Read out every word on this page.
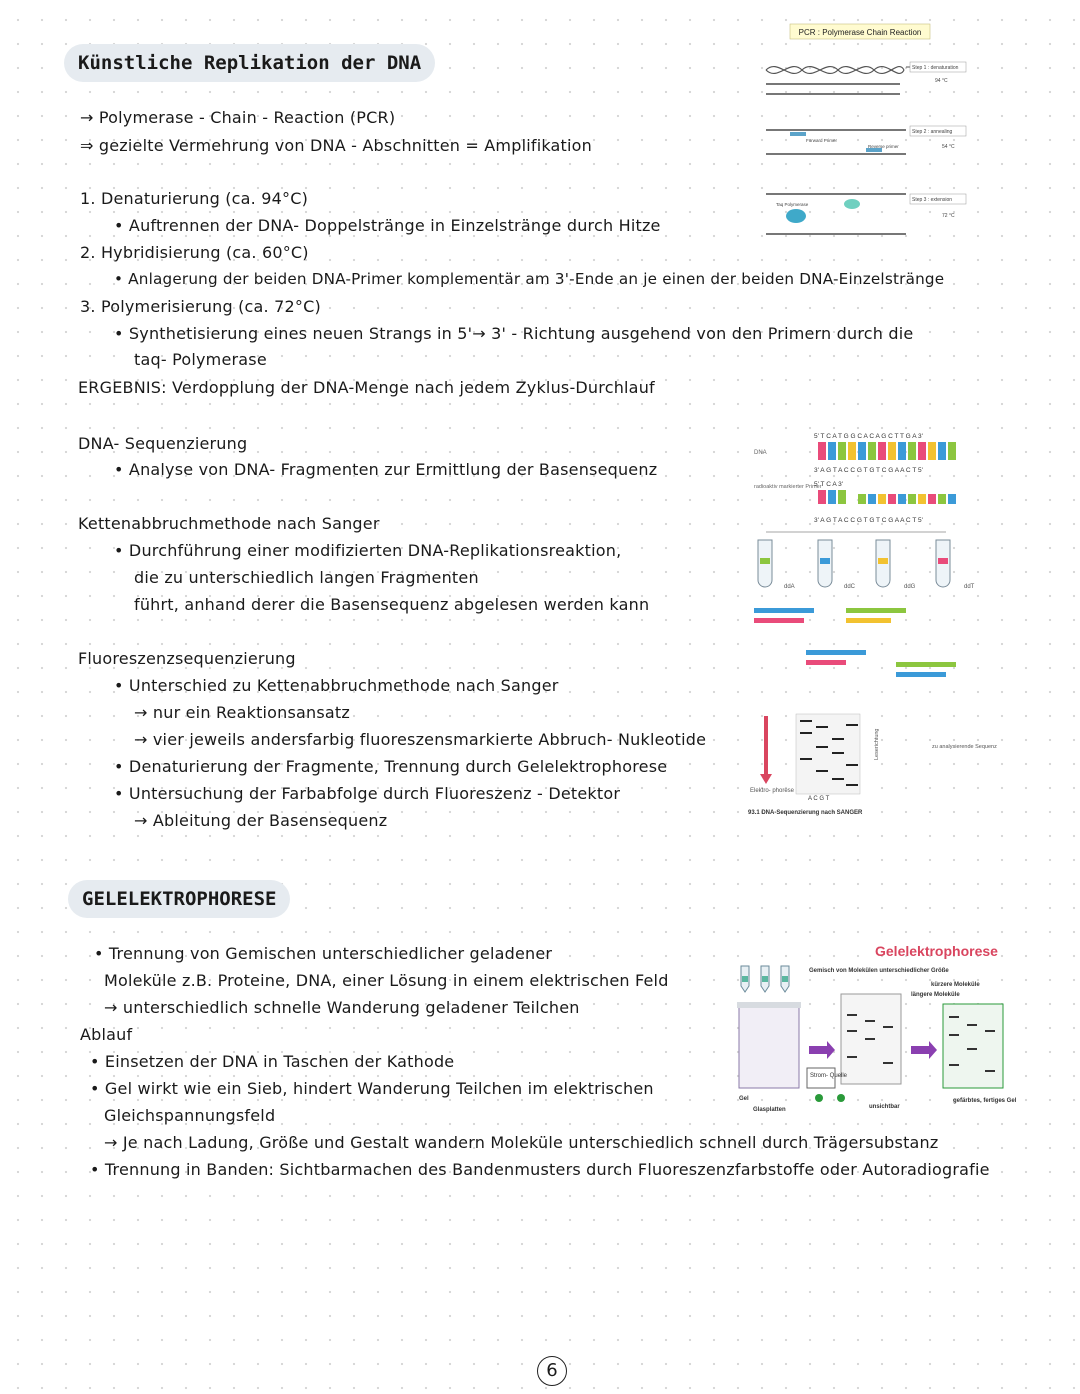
Künstliche Replikation der DNA
→ Polymerase - Chain - Reaction (PCR)
⇒ gezielte Vermehrung von DNA - Abschnitten = Amplifikation
1. Denaturierung (ca. 94°C)
• Auftrennen der DNA- Doppelstränge in Einzelstränge durch Hitze
2. Hybridisierung (ca. 60°C)
• Anlagerung der beiden DNA-Primer komplementär am 3'-Ende an je einen der beiden DNA-Einzelstränge
3. Polymerisierung (ca. 72°C)
• Synthetisierung eines neuen Strangs in 5'→ 3' - Richtung ausgehend von den Primern durch die
taq- Polymerase
ERGEBNIS: Verdopplung der DNA-Menge nach jedem Zyklus-Durchlauf
PCR : Polymerase Chain Reaction
Step 1 : denaturation
94 °C
Forward Primer
Reverse primer
Step 2 : annealing
54 °C
Taq Polymerase
Step 3 : extension
72 °C
DNA- Sequenzierung
• Analyse von DNA- Fragmenten zur Ermittlung der Basensequenz
Kettenabbruchmethode nach Sanger
• Durchführung einer modifizierten DNA-Replikationsreaktion,
die zu unterschiedlich langen Fragmenten
führt, anhand derer die Basensequenz abgelesen werden kann
Fluoreszenzsequenzierung
• Unterschied zu Kettenabbruchmethode nach Sanger
→ nur ein Reaktionsansatz
→ vier jeweils andersfarbig fluoreszensmarkierte Abbruch- Nukleotide
• Denaturierung der Fragmente, Trennung durch Gelelektrophorese
• Untersuchung der Farbabfolge durch Fluoreszenz - Detektor
→ Ableitung der Basensequenz
5' T C A T G G C A C A G C T T G A 3'
DNA
3' A G T A C C G T G T C G A A C T 5'
5' T C A 3'
radioaktiv markierter Primer
3' A G T A C C G T G T C G A A C T 5'
ddA	ddC	ddG	ddT
Elektro- phorese
A C G T
Leserichtung	zu analysierende Sequenz
93.1 DNA-Sequenzierung nach SANGER
GELELEKTROPHORESE
• Trennung von Gemischen unterschiedlicher geladener
Moleküle z.B. Proteine, DNA, einer Lösung in einem elektrischen Feld
→ unterschiedlich schnelle Wanderung geladener Teilchen
Ablauf
• Einsetzen der DNA in Taschen der Kathode
• Gel wirkt wie ein Sieb, hindert Wanderung Teilchen im elektrischen
Gleichspannungsfeld
→ Je nach Ladung, Größe und Gestalt wandern Moleküle unterschiedlich schnell durch Trägersubstanz
• Trennung in Banden: Sichtbarmachen des Bandenmusters durch Fluoreszenzfarbstoffe oder Autoradiografie
Gelelektrophorese
Gemisch von Molekülen unterschiedlicher Größe
kürzere Moleküle
längere Moleküle
Strom- Quelle
Gel
Glasplatten	unsichtbar
gefärbtes, fertiges Gel
6
